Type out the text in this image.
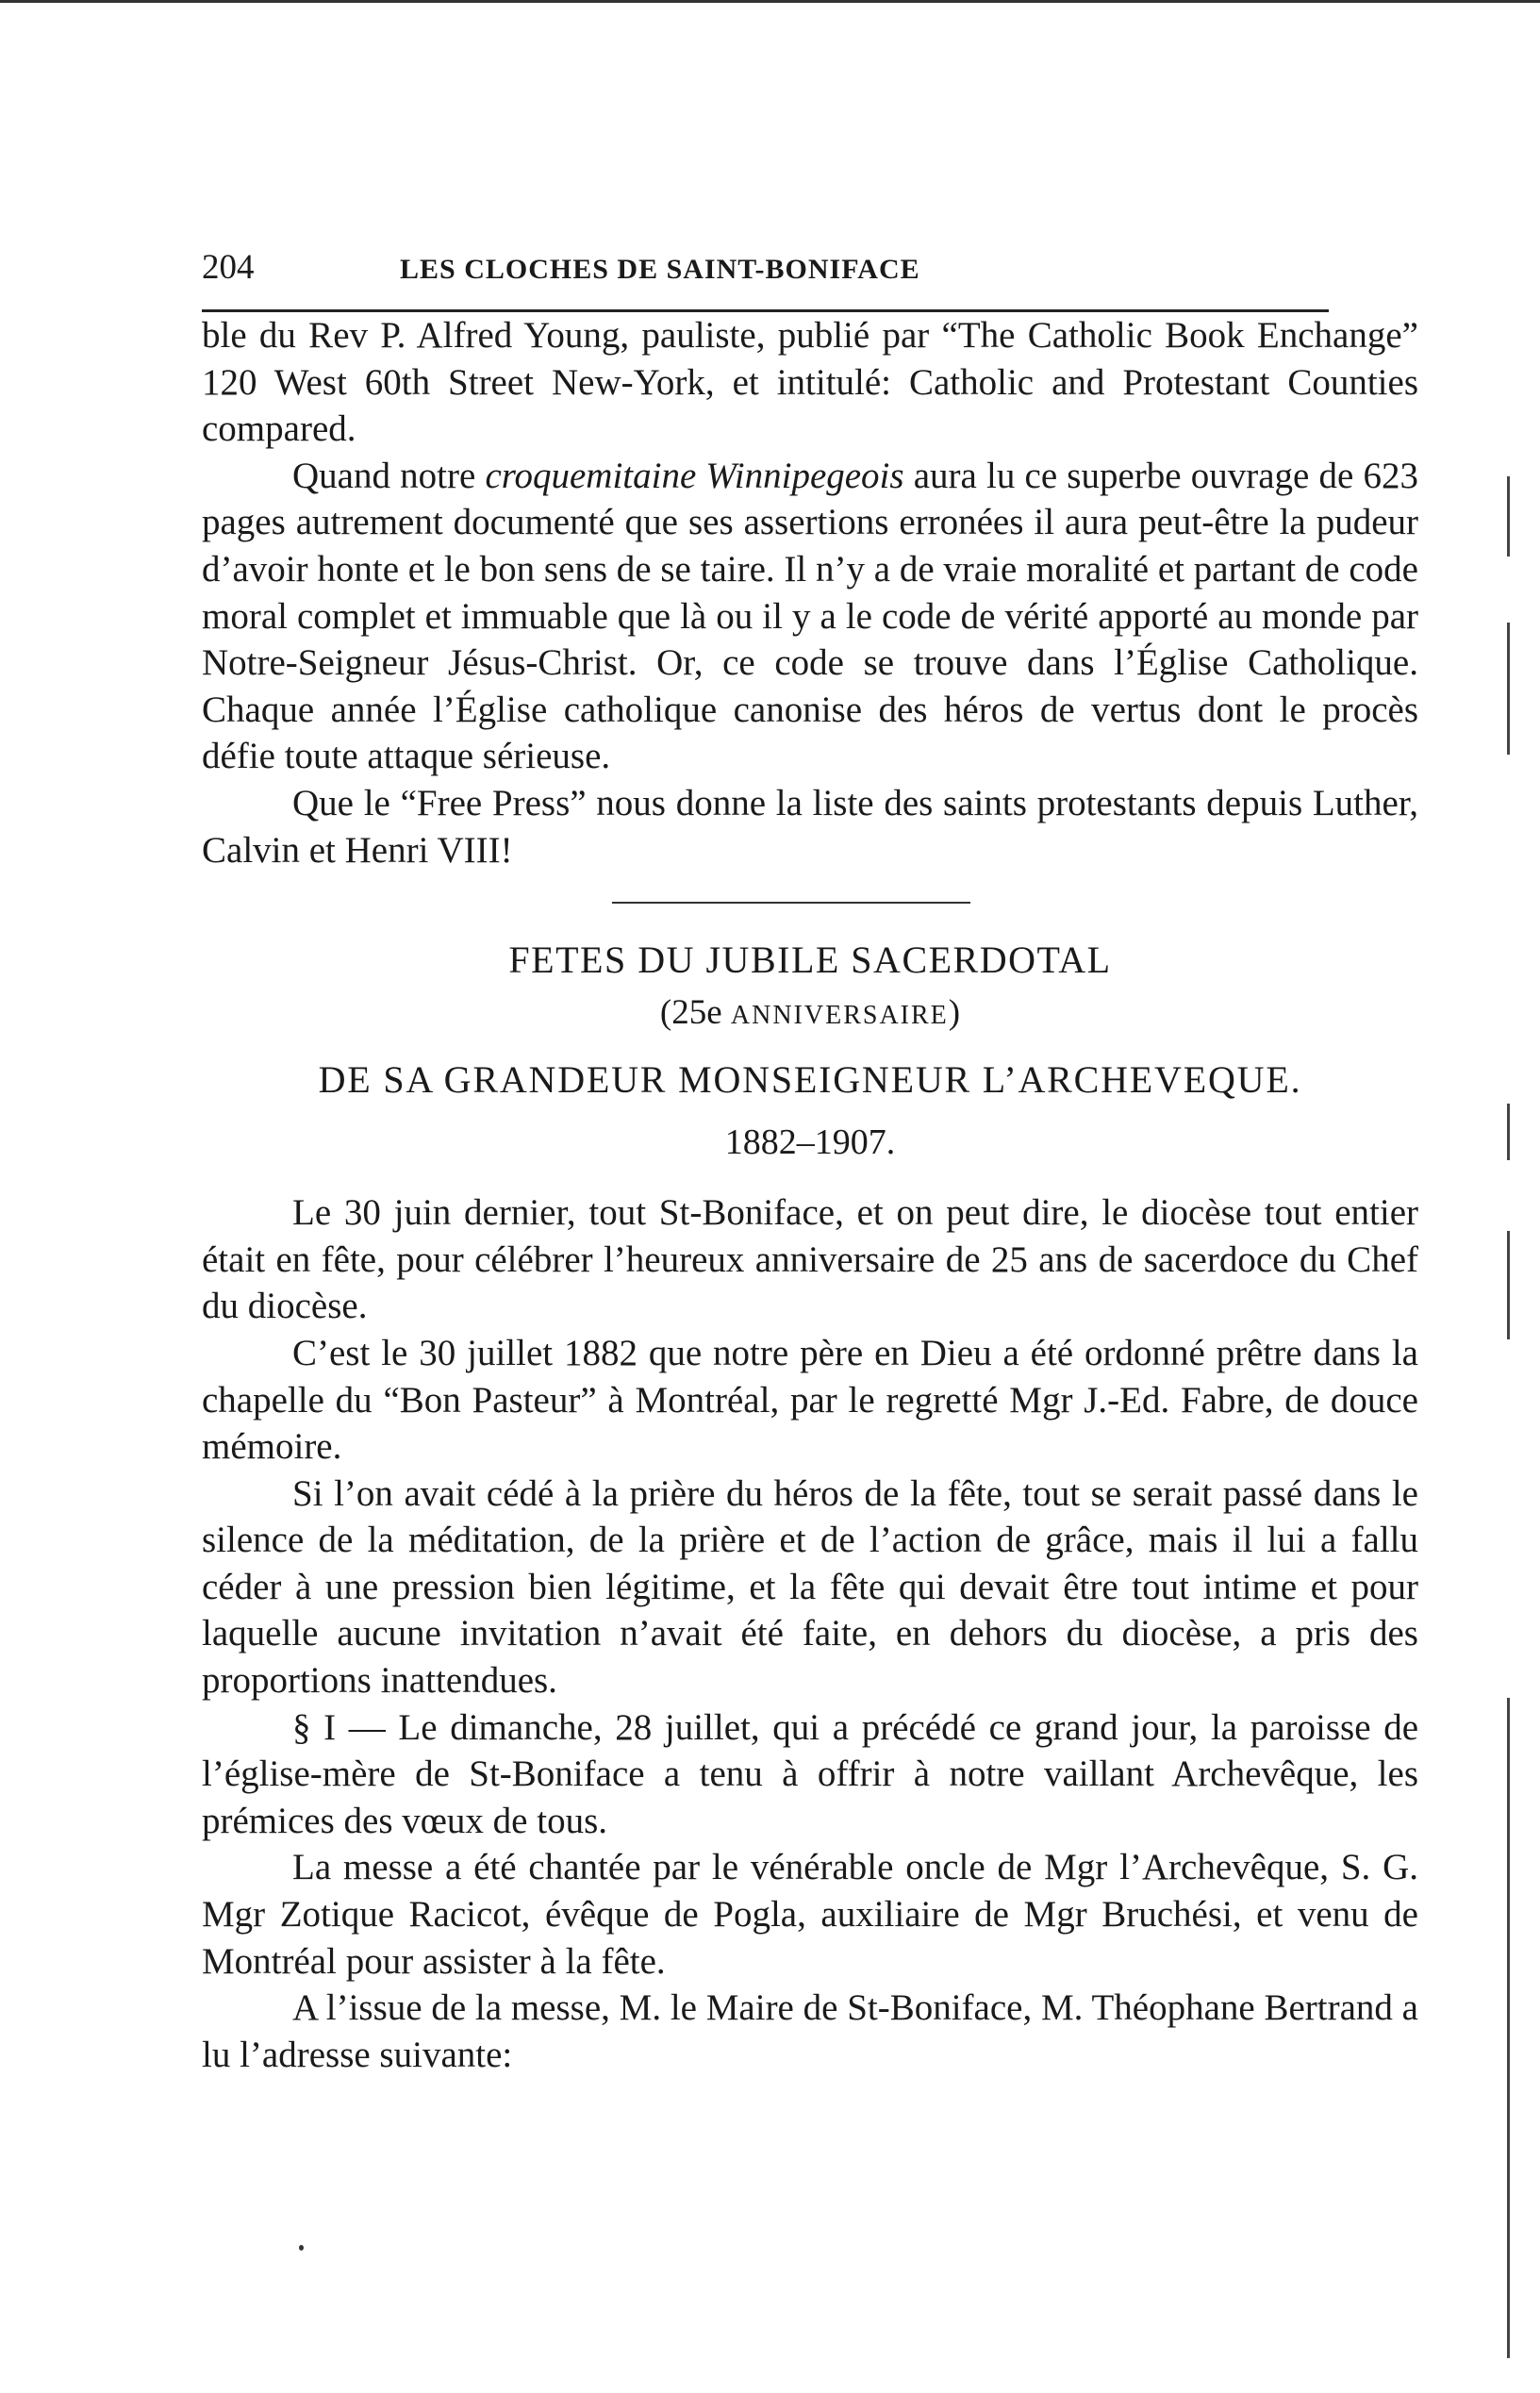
204	LES CLOCHES DE SAINT-BONIFACE

ble du Rev P. Alfred Young, pauliste, publié par “The Catholic Book Enchange” 120 West 60th Street New-York, et intitulé: Catholic and Protestant Counties compared.

Quand notre croquemitaine Winnipegeois aura lu ce superbe ouvrage de 623 pages autrement documenté que ses assertions erronées il aura peut-être la pudeur d’avoir honte et le bon sens de se taire. Il n’y a de vraie moralité et partant de code moral complet et immuable que là ou il y a le code de vérité apporté au monde par Notre-Seigneur Jésus-Christ. Or, ce code se trouve dans l’Église Catholique. Chaque année l’Église catholique canonise des héros de vertus dont le procès défie toute attaque sérieuse.

Que le “Free Press” nous donne la liste des saints protestants depuis Luther, Calvin et Henri VIII!

FETES DU JUBILE SACERDOTAL

(25e ANNIVERSAIRE)

DE SA GRANDEUR MONSEIGNEUR L’ARCHEVEQUE.

1882–1907.

Le 30 juin dernier, tout St-Boniface, et on peut dire, le diocèse tout entier était en fête, pour célébrer l’heureux anniversaire de 25 ans de sacerdoce du Chef du diocèse.

C’est le 30 juillet 1882 que notre père en Dieu a été ordonné prêtre dans la chapelle du “Bon Pasteur” à Montréal, par le regretté Mgr J.-Ed. Fabre, de douce mémoire.

Si l’on avait cédé à la prière du héros de la fête, tout se serait passé dans le silence de la méditation, de la prière et de l’action de grâce, mais il lui a fallu céder à une pression bien légitime, et la fête qui devait être tout intime et pour laquelle aucune invitation n’avait été faite, en dehors du diocèse, a pris des proportions inattendues.

§ I — Le dimanche, 28 juillet, qui a précédé ce grand jour, la paroisse de l’église-mère de St-Boniface a tenu à offrir à notre vaillant Archevêque, les prémices des vœux de tous.

La messe a été chantée par le vénérable oncle de Mgr l’Archevêque, S. G. Mgr Zotique Racicot, évêque de Pogla, auxiliaire de Mgr Bruchési, et venu de Montréal pour assister à la fête.

A l’issue de la messe, M. le Maire de St-Boniface, M. Théophane Bertrand a lu l’adresse suivante:
